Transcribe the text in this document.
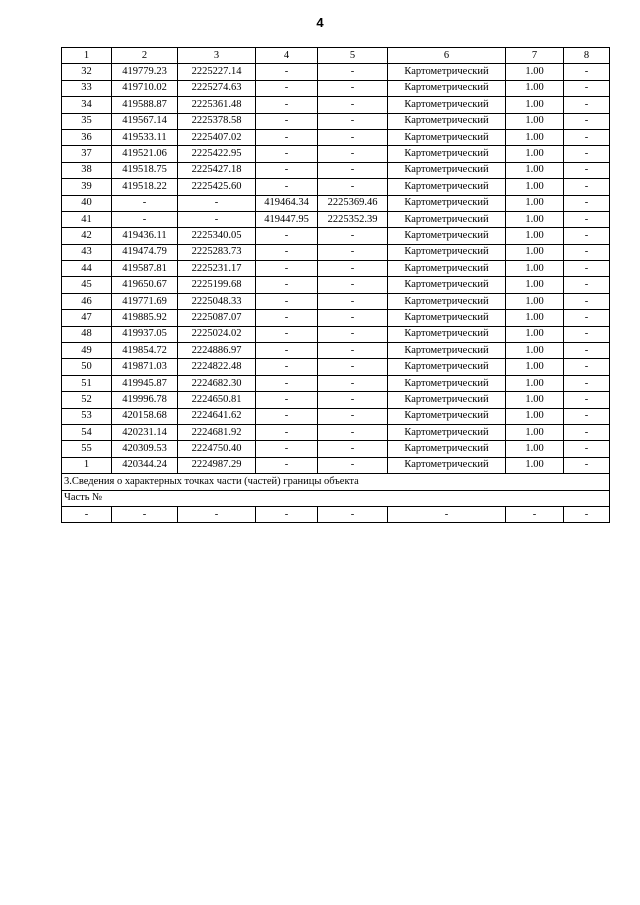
4
1	2	3	4	5	6	7	8
32	419779.23	2225227.14	-	-	Картометрический	1.00	-
33	419710.02	2225274.63	-	-	Картометрический	1.00	-
34	419588.87	2225361.48	-	-	Картометрический	1.00	-
35	419567.14	2225378.58	-	-	Картометрический	1.00	-
36	419533.11	2225407.02	-	-	Картометрический	1.00	-
37	419521.06	2225422.95	-	-	Картометрический	1.00	-
38	419518.75	2225427.18	-	-	Картометрический	1.00	-
39	419518.22	2225425.60	-	-	Картометрический	1.00	-
40	-	-	419464.34	2225369.46	Картометрический	1.00	-
41	-	-	419447.95	2225352.39	Картометрический	1.00	-
42	419436.11	2225340.05	-	-	Картометрический	1.00	-
43	419474.79	2225283.73	-	-	Картометрический	1.00	-
44	419587.81	2225231.17	-	-	Картометрический	1.00	-
45	419650.67	2225199.68	-	-	Картометрический	1.00	-
46	419771.69	2225048.33	-	-	Картометрический	1.00	-
47	419885.92	2225087.07	-	-	Картометрический	1.00	-
48	419937.05	2225024.02	-	-	Картометрический	1.00	-
49	419854.72	2224886.97	-	-	Картометрический	1.00	-
50	419871.03	2224822.48	-	-	Картометрический	1.00	-
51	419945.87	2224682.30	-	-	Картометрический	1.00	-
52	419996.78	2224650.81	-	-	Картометрический	1.00	-
53	420158.68	2224641.62	-	-	Картометрический	1.00	-
54	420231.14	2224681.92	-	-	Картометрический	1.00	-
55	420309.53	2224750.40	-	-	Картометрический	1.00	-
1	420344.24	2224987.29	-	-	Картометрический	1.00	-
3.Сведения о характерных точках части (частей) границы объекта							
Часть №							
-	-	-	-	-	-	-	-
